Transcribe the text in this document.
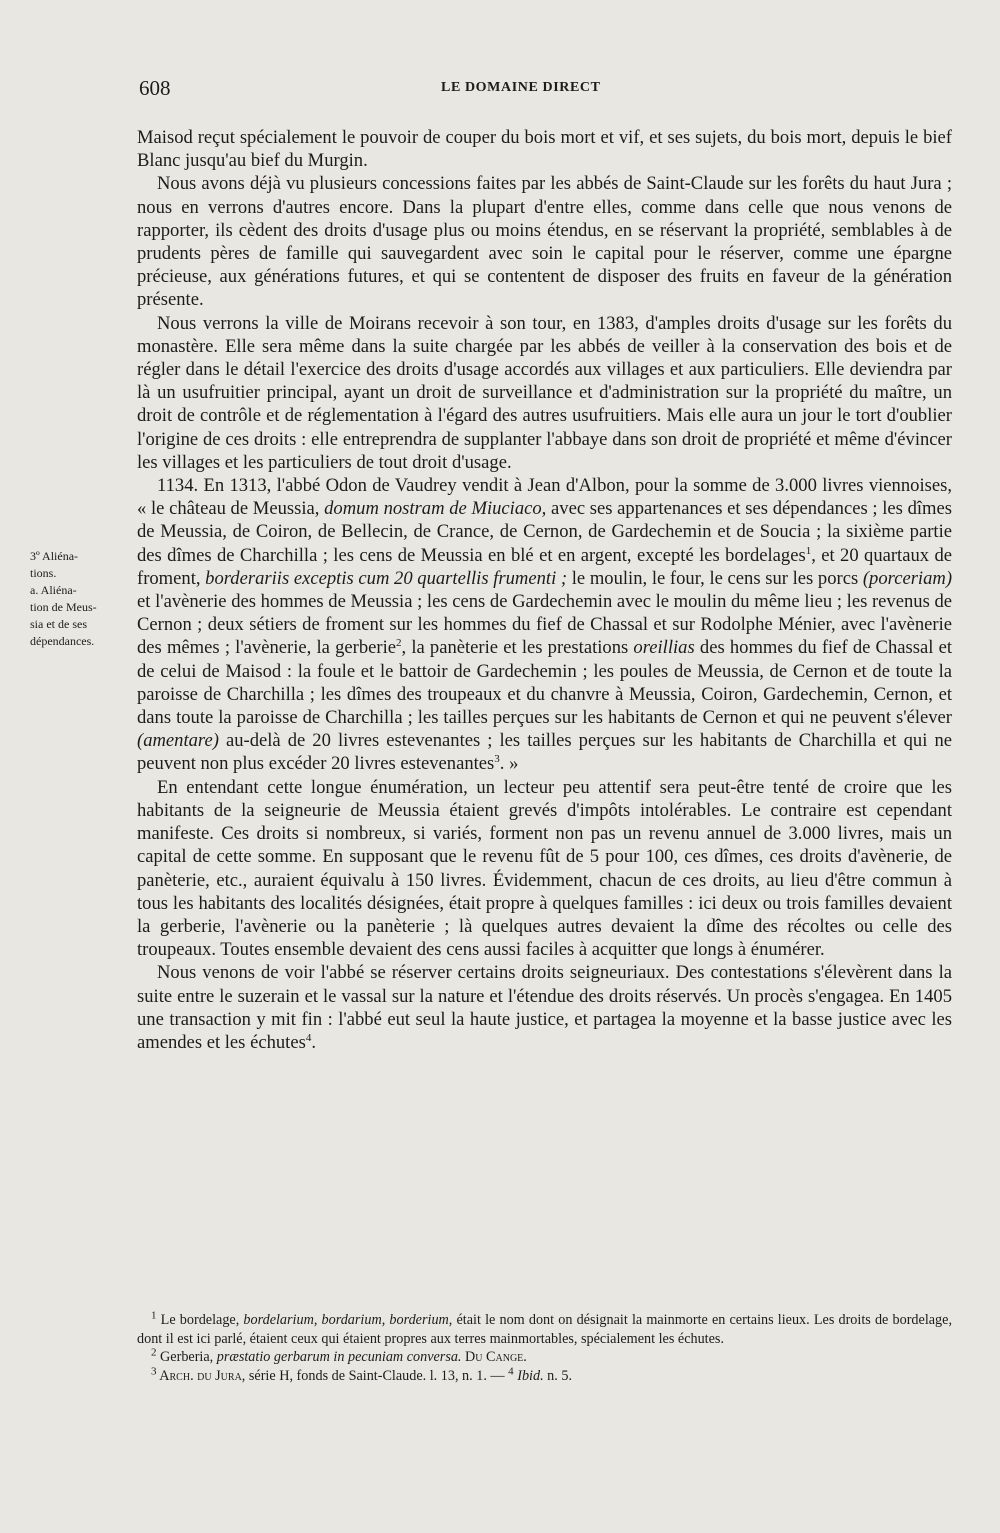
608	LE DOMAINE DIRECT
3º Aliéna-
tions.
a. Aliéna-
tion de Meus-
sia et de ses
dépendances.

Maisod reçut spécialement le pouvoir de couper du bois mort et vif, et ses sujets, du bois mort, depuis le bief Blanc jusqu'au bief du Murgin.

Nous avons déjà vu plusieurs concessions faites par les abbés de Saint-Claude sur les forêts du haut Jura ; nous en verrons d'autres encore. Dans la plupart d'entre elles, comme dans celle que nous venons de rapporter, ils cèdent des droits d'usage plus ou moins étendus, en se réservant la propriété, semblables à de prudents pères de famille qui sauvegardent avec soin le capital pour le réserver, comme une épargne précieuse, aux générations futures, et qui se contentent de disposer des fruits en faveur de la génération présente.

Nous verrons la ville de Moirans recevoir à son tour, en 1383, d'amples droits d'usage sur les forêts du monastère. Elle sera même dans la suite chargée par les abbés de veiller à la conservation des bois et de régler dans le détail l'exercice des droits d'usage accordés aux villages et aux particuliers. Elle deviendra par là un usufruitier principal, ayant un droit de surveillance et d'administration sur la propriété du maître, un droit de contrôle et de réglementation à l'égard des autres usufruitiers. Mais elle aura un jour le tort d'oublier l'origine de ces droits : elle entreprendra de supplanter l'abbaye dans son droit de propriété et même d'évincer les villages et les particuliers de tout droit d'usage.

1134. En 1313, l'abbé Odon de Vaudrey vendit à Jean d'Albon, pour la somme de 3.000 livres viennoises, « le château de Meussia, domum nostram de Miuciaco, avec ses appartenances et ses dépendances ; les dîmes de Meussia, de Coiron, de Bellecin, de Crance, de Cernon, de Gardechemin et de Soucia ; la sixième partie des dîmes de Charchilla ; les cens de Meussia en blé et en argent, excepté les bordelages$^1$, et 20 quartaux de froment, borderariis exceptis cum 20 quartellis frumenti ; le moulin, le four, le cens sur les porcs (porceriam) et l'avènerie des hommes de Meussia ; les cens de Gardechemin avec le moulin du même lieu ; les revenus de Cernon ; deux sétiers de froment sur les hommes du fief de Chassal et sur Rodolphe Ménier, avec l'avènerie des mêmes ; l'avènerie, la gerberie$^2$, la panèterie et les prestations oreillias des hommes du fief de Chassal et de celui de Maisod : la foule et le battoir de Gardechemin ; les poules de Meussia, de Cernon et de toute la paroisse de Charchilla ; les dîmes des troupeaux et du chanvre à Meussia, Coiron, Gardechemin, Cernon, et dans toute la paroisse de Charchilla ; les tailles perçues sur les habitants de Cernon et qui ne peuvent s'élever (amentare) au-delà de 20 livres estevenantes ; les tailles perçues sur les habitants de Charchilla et qui ne peuvent non plus excéder 20 livres estevenantes$^3$. »

En entendant cette longue énumération, un lecteur peu attentif sera peut-être tenté de croire que les habitants de la seigneurie de Meussia étaient grevés d'impôts intolérables. Le contraire est cependant manifeste. Ces droits si nombreux, si variés, forment non pas un revenu annuel de 3.000 livres, mais un capital de cette somme. En supposant que le revenu fût de 5 pour 100, ces dîmes, ces droits d'avènerie, de panèterie, etc., auraient équivalu à 150 livres. Évidemment, chacun de ces droits, au lieu d'être commun à tous les habitants des localités désignées, était propre à quelques familles : ici deux ou trois familles devaient la gerberie, l'avènerie ou la panèterie ; là quelques autres devaient la dîme des récoltes ou celle des troupeaux. Toutes ensemble devaient des cens aussi faciles à acquitter que longs à énumérer.

Nous venons de voir l'abbé se réserver certains droits seigneuriaux. Des contestations s'élevèrent dans la suite entre le suzerain et le vassal sur la nature et l'étendue des droits réservés. Un procès s'engagea. En 1405 une transaction y mit fin : l'abbé eut seul la haute justice, et partagea la moyenne et la basse justice avec les amendes et les échutes$^4$.

$^1$ Le bordelage, bordelarium, bordarium, borderium, était le nom dont on désignait la mainmorte en certains lieux. Les droits de bordelage, dont il est ici parlé, étaient ceux qui étaient propres aux terres mainmortables, spécialement les échutes.

$^2$ Gerberia, præstatio gerbarum in pecuniam conversa. Du Cange.

$^3$ Arch. du Jura, série H, fonds de Saint-Claude. l. 13, n. 1. — $^4$ Ibid. n. 5.
